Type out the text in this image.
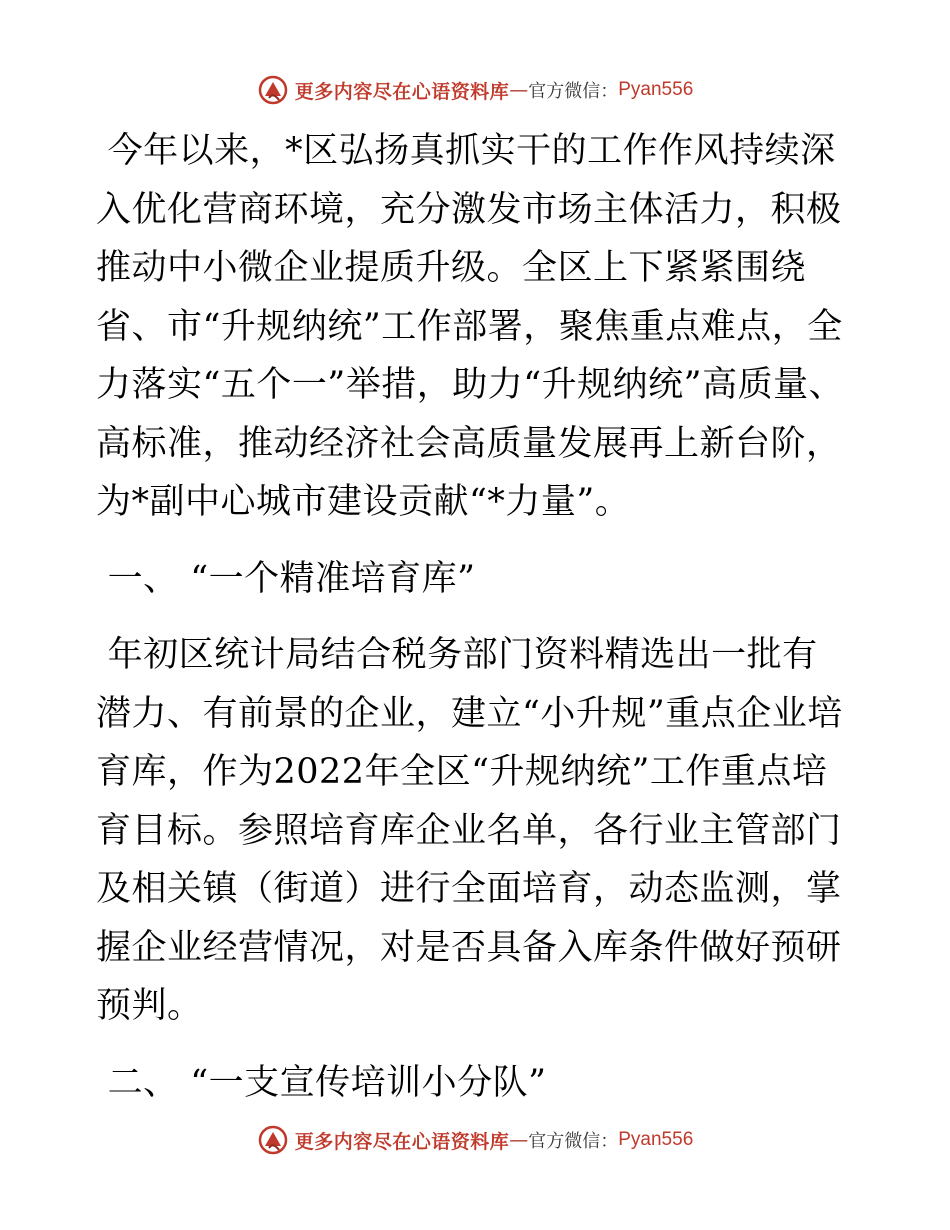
更多内容尽在心语资料库 — 官方微信： Pyan556

今年以来，*区弘扬真抓实干的工作作风持续深入优化营商环境，充分激发市场主体活力，积极推动中小微企业提质升级。全区上下紧紧围绕省、市“升规纳统”工作部署，聚焦重点难点，全力落实“五个一”举措，助力“升规纳统”高质量、高标准，推动经济社会高质量发展再上新台阶，为*副中心城市建设贡献“*力量”。

一、 “一个精准培育库”

年初区统计局结合税务部门资料精选出一批有潜力、有前景的企业，建立“小升规”重点企业培育库，作为2022年全区“升规纳统”工作重点培育目标。参照培育库企业名单，各行业主管部门及相关镇（街道）进行全面培育，动态监测，掌握企业经营情况，对是否具备入库条件做好预研预判。

二、 “一支宣传培训小分队”

更多内容尽在心语资料库 — 官方微信： Pyan556
